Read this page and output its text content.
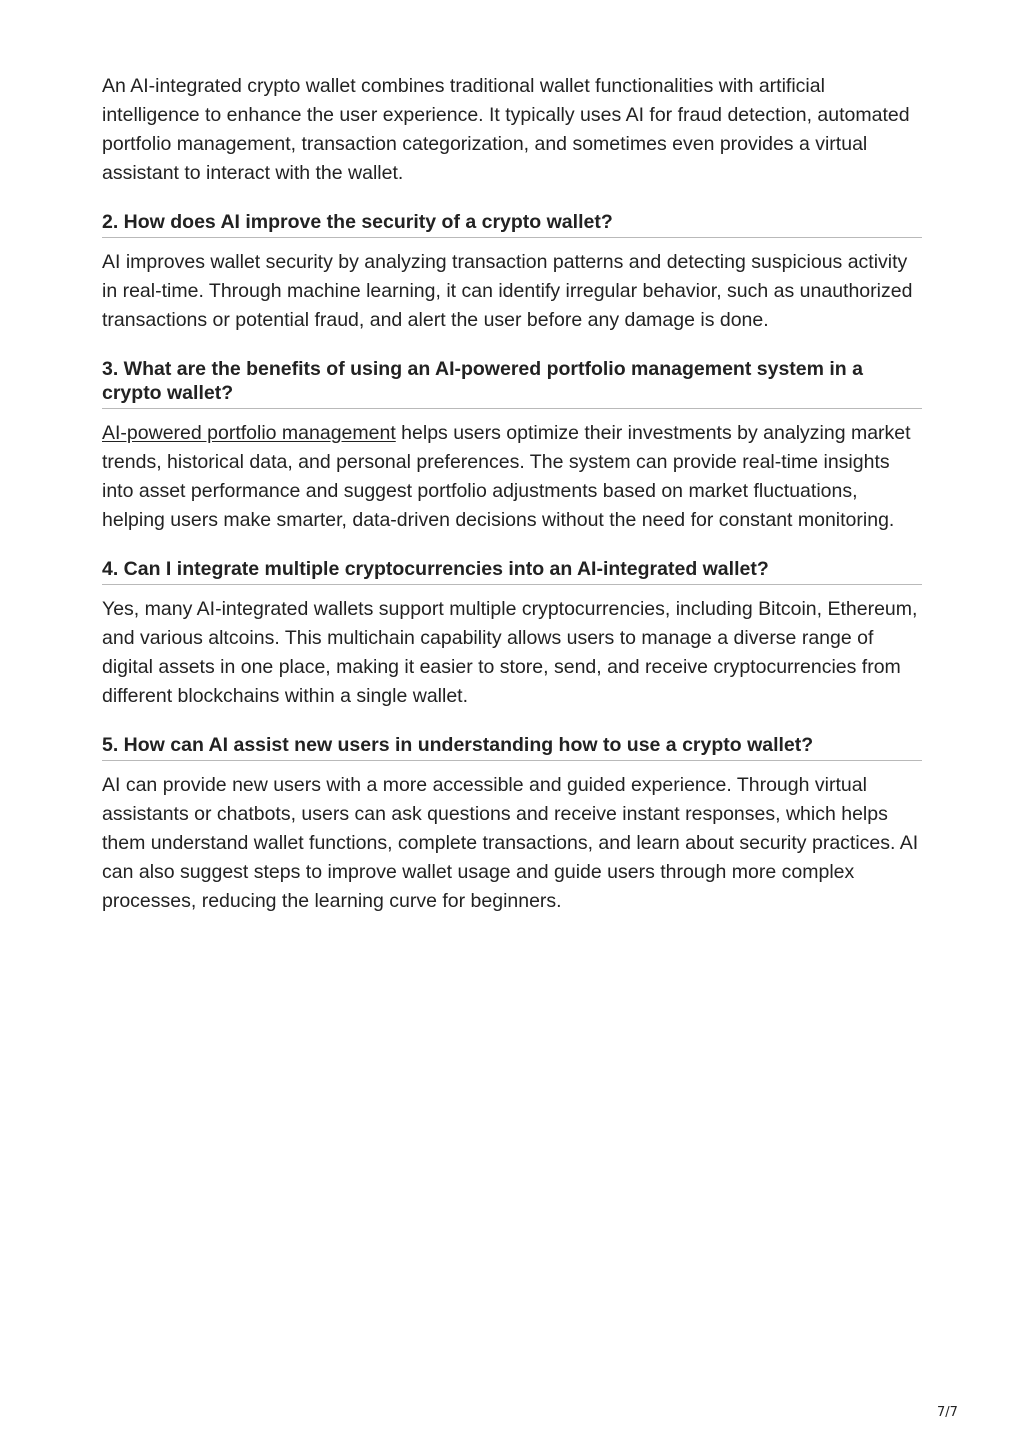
An AI-integrated crypto wallet combines traditional wallet functionalities with artificial intelligence to enhance the user experience. It typically uses AI for fraud detection, automated portfolio management, transaction categorization, and sometimes even provides a virtual assistant to interact with the wallet.

2. How does AI improve the security of a crypto wallet?

AI improves wallet security by analyzing transaction patterns and detecting suspicious activity in real-time. Through machine learning, it can identify irregular behavior, such as unauthorized transactions or potential fraud, and alert the user before any damage is done.

3. What are the benefits of using an AI-powered portfolio management system in a crypto wallet?

AI-powered portfolio management helps users optimize their investments by analyzing market trends, historical data, and personal preferences. The system can provide real-time insights into asset performance and suggest portfolio adjustments based on market fluctuations, helping users make smarter, data-driven decisions without the need for constant monitoring.

4. Can I integrate multiple cryptocurrencies into an AI-integrated wallet?

Yes, many AI-integrated wallets support multiple cryptocurrencies, including Bitcoin, Ethereum, and various altcoins. This multichain capability allows users to manage a diverse range of digital assets in one place, making it easier to store, send, and receive cryptocurrencies from different blockchains within a single wallet.

5. How can AI assist new users in understanding how to use a crypto wallet?

AI can provide new users with a more accessible and guided experience. Through virtual assistants or chatbots, users can ask questions and receive instant responses, which helps them understand wallet functions, complete transactions, and learn about security practices. AI can also suggest steps to improve wallet usage and guide users through more complex processes, reducing the learning curve for beginners.

7/7
